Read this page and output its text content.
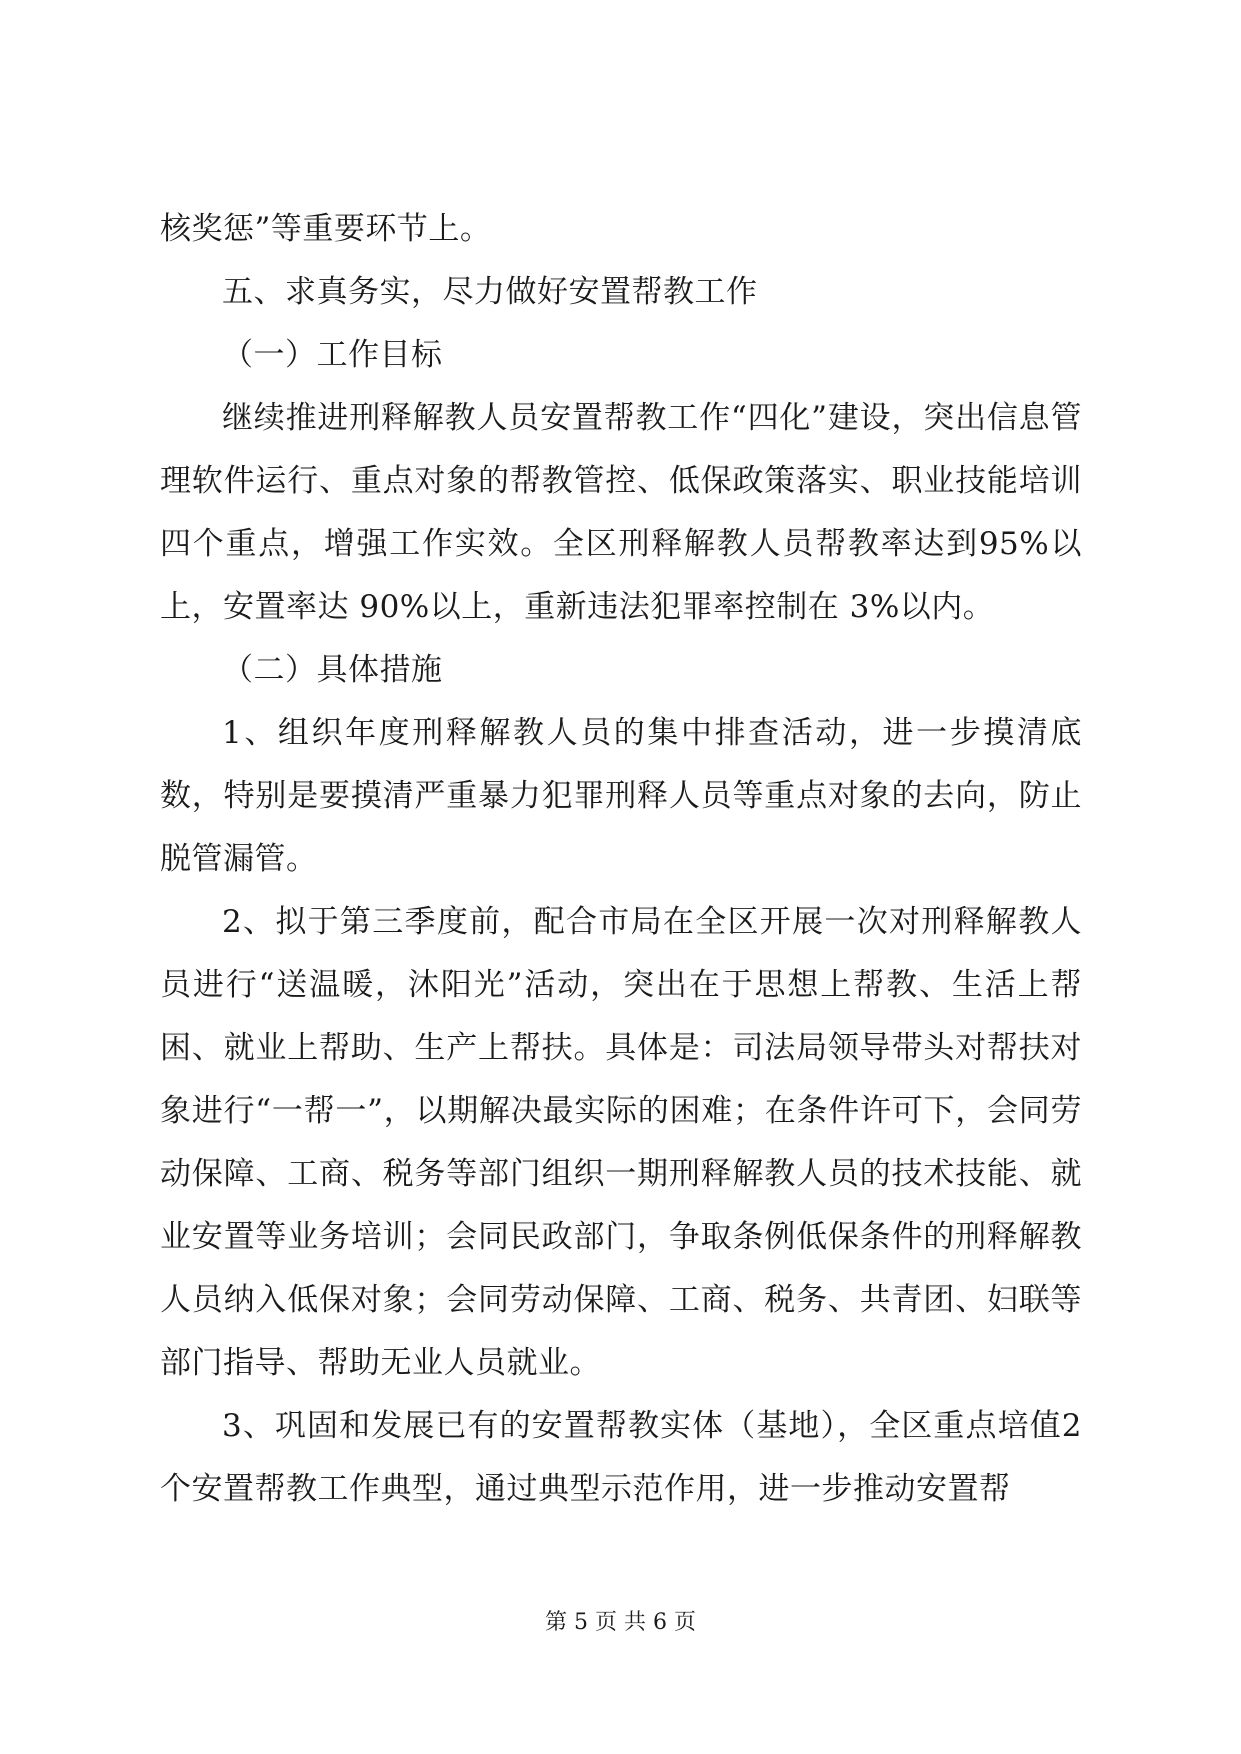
核奖惩”等重要环节上。

五、求真务实，尽力做好安置帮教工作

（一）工作目标

继续推进刑释解教人员安置帮教工作“四化”建设，突出信息管理软件运行、重点对象的帮教管控、低保政策落实、职业技能培训四个重点，增强工作实效。全区刑释解教人员帮教率达到95%以上，安置率达 90%以上，重新违法犯罪率控制在 3%以内。

（二）具体措施

1、组织年度刑释解教人员的集中排查活动，进一步摸清底数，特别是要摸清严重暴力犯罪刑释人员等重点对象的去向，防止脱管漏管。

2、拟于第三季度前，配合市局在全区开展一次对刑释解教人员进行“送温暖，沐阳光”活动，突出在于思想上帮教、生活上帮困、就业上帮助、生产上帮扶。具体是：司法局领导带头对帮扶对象进行“一帮一”，以期解决最实际的困难；在条件许可下，会同劳动保障、工商、税务等部门组织一期刑释解教人员的技术技能、就业安置等业务培训；会同民政部门，争取条例低保条件的刑释解教人员纳入低保对象；会同劳动保障、工商、税务、共青团、妇联等部门指导、帮助无业人员就业。

3、巩固和发展已有的安置帮教实体（基地），全区重点培值2 个安置帮教工作典型，通过典型示范作用，进一步推动安置帮

第 5 页 共 6 页
